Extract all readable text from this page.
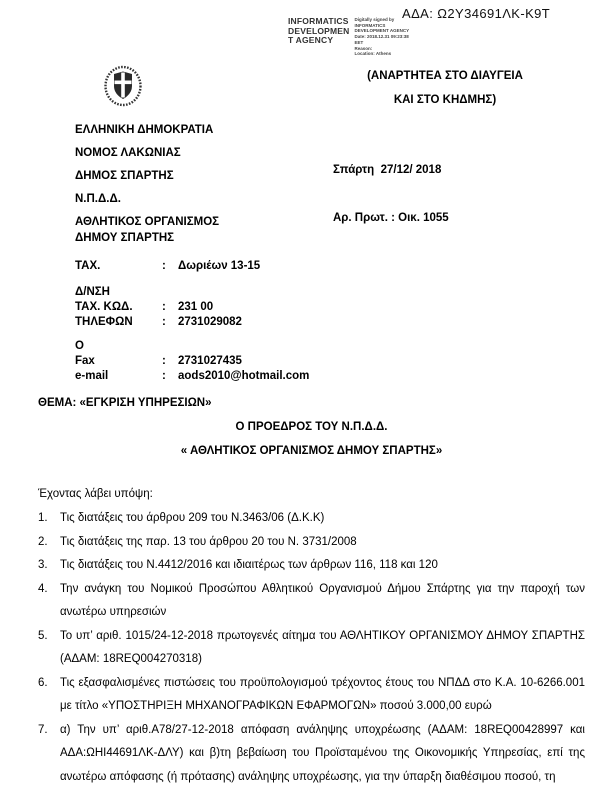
ΑΔΑ: Ω2Υ34691ΛΚ-Κ9Τ
INFORMATICS
DEVELOPMEN
T AGENCY
Digitally signed by
INFORMATICS
DEVELOPMENT AGENCY
Date: 2018.12.31 09:23:38
EET
Reason:
Location: Athens
(ΑΝΑΡΤΗΤΕΑ ΣΤΟ ΔΙΑΥΓΕΙΑ
ΚΑΙ ΣΤΟ ΚΗΔΜΗΣ)
ΕΛΛΗΝΙΚΗ ΔΗΜΟΚΡΑΤΙΑ
ΝΟΜΟΣ ΛΑΚΩΝΙΑΣ
ΔΗΜΟΣ ΣΠΑΡΤΗΣ
Ν.Π.Δ.Δ.
ΑΘΛΗΤΙΚΟΣ ΟΡΓΑΝΙΣΜΟΣ
ΔΗΜΟΥ ΣΠΑΡΤΗΣ

Σπάρτη  27/12/ 2018

Αρ. Πρωτ. : Οικ. 1055

ΤΑΧ.	:	Δωριέων 13-15
Δ/ΝΣΗ
ΤΑΧ. ΚΩΔ.	:	231 00
ΤΗΛΕΦΩΝ	:	2731029082
Ο
Fax	:	2731027435
e-mail	:	aods2010@hotmail.com
ΘΕΜΑ: «ΕΓΚΡΙΣΗ ΥΠΗΡΕΣΙΩΝ»
Ο ΠΡΟΕΔΡΟΣ ΤΟΥ Ν.Π.Δ.Δ.
« ΑΘΛΗΤΙΚΟΣ ΟΡΓΑΝΙΣΜΟΣ ΔΗΜΟΥ ΣΠΑΡΤΗΣ»
Έχοντας λάβει υπόψη:
1.	Τις διατάξεις του άρθρου 209 του Ν.3463/06 (Δ.Κ.Κ)
2.	Τις διατάξεις της παρ. 13 του άρθρου 20 του Ν. 3731/2008
3.	Τις διατάξεις του Ν.4412/2016 και ιδιαιτέρως των άρθρων 116, 118 και 120
4.	Την ανάγκη του Νομικού Προσώπου Αθλητικού Οργανισμού Δήμου Σπάρτης για την παροχή των ανωτέρω υπηρεσιών
5.	Το υπ’ αριθ. 1015/24-12-2018 πρωτογενές αίτημα του ΑΘΛΗΤΙΚΟΥ ΟΡΓΑΝΙΣΜΟΥ ΔΗΜΟΥ ΣΠΑΡΤΗΣ (ΑΔΑΜ: 18REQ004270318)
6.	Τις εξασφαλισμένες πιστώσεις του προϋπολογισμού τρέχοντος έτους του ΝΠΔΔ στο Κ.Α. 10-6266.001 με τίτλο «ΥΠΟΣΤΗΡΙΞΗ ΜΗΧΑΝΟΓΡΑΦΙΚΩΝ ΕΦΑΡΜΟΓΩΝ» ποσού 3.000,00 ευρώ
7.	α) Την υπ’ αριθ.Α78/27-12-2018 απόφαση ανάληψης υποχρέωσης (ΑΔΑΜ: 18REQ00428997 και ΑΔΑ:ΩΗΙ44691ΛΚ-ΔΛΥ) και β)τη βεβαίωση του Προϊσταμένου της Οικονομικής Υπηρεσίας, επί της ανωτέρω απόφασης (ή πρότασης) ανάληψης υποχρέωσης, για την ύπαρξη διαθέσιμου ποσού, τη
